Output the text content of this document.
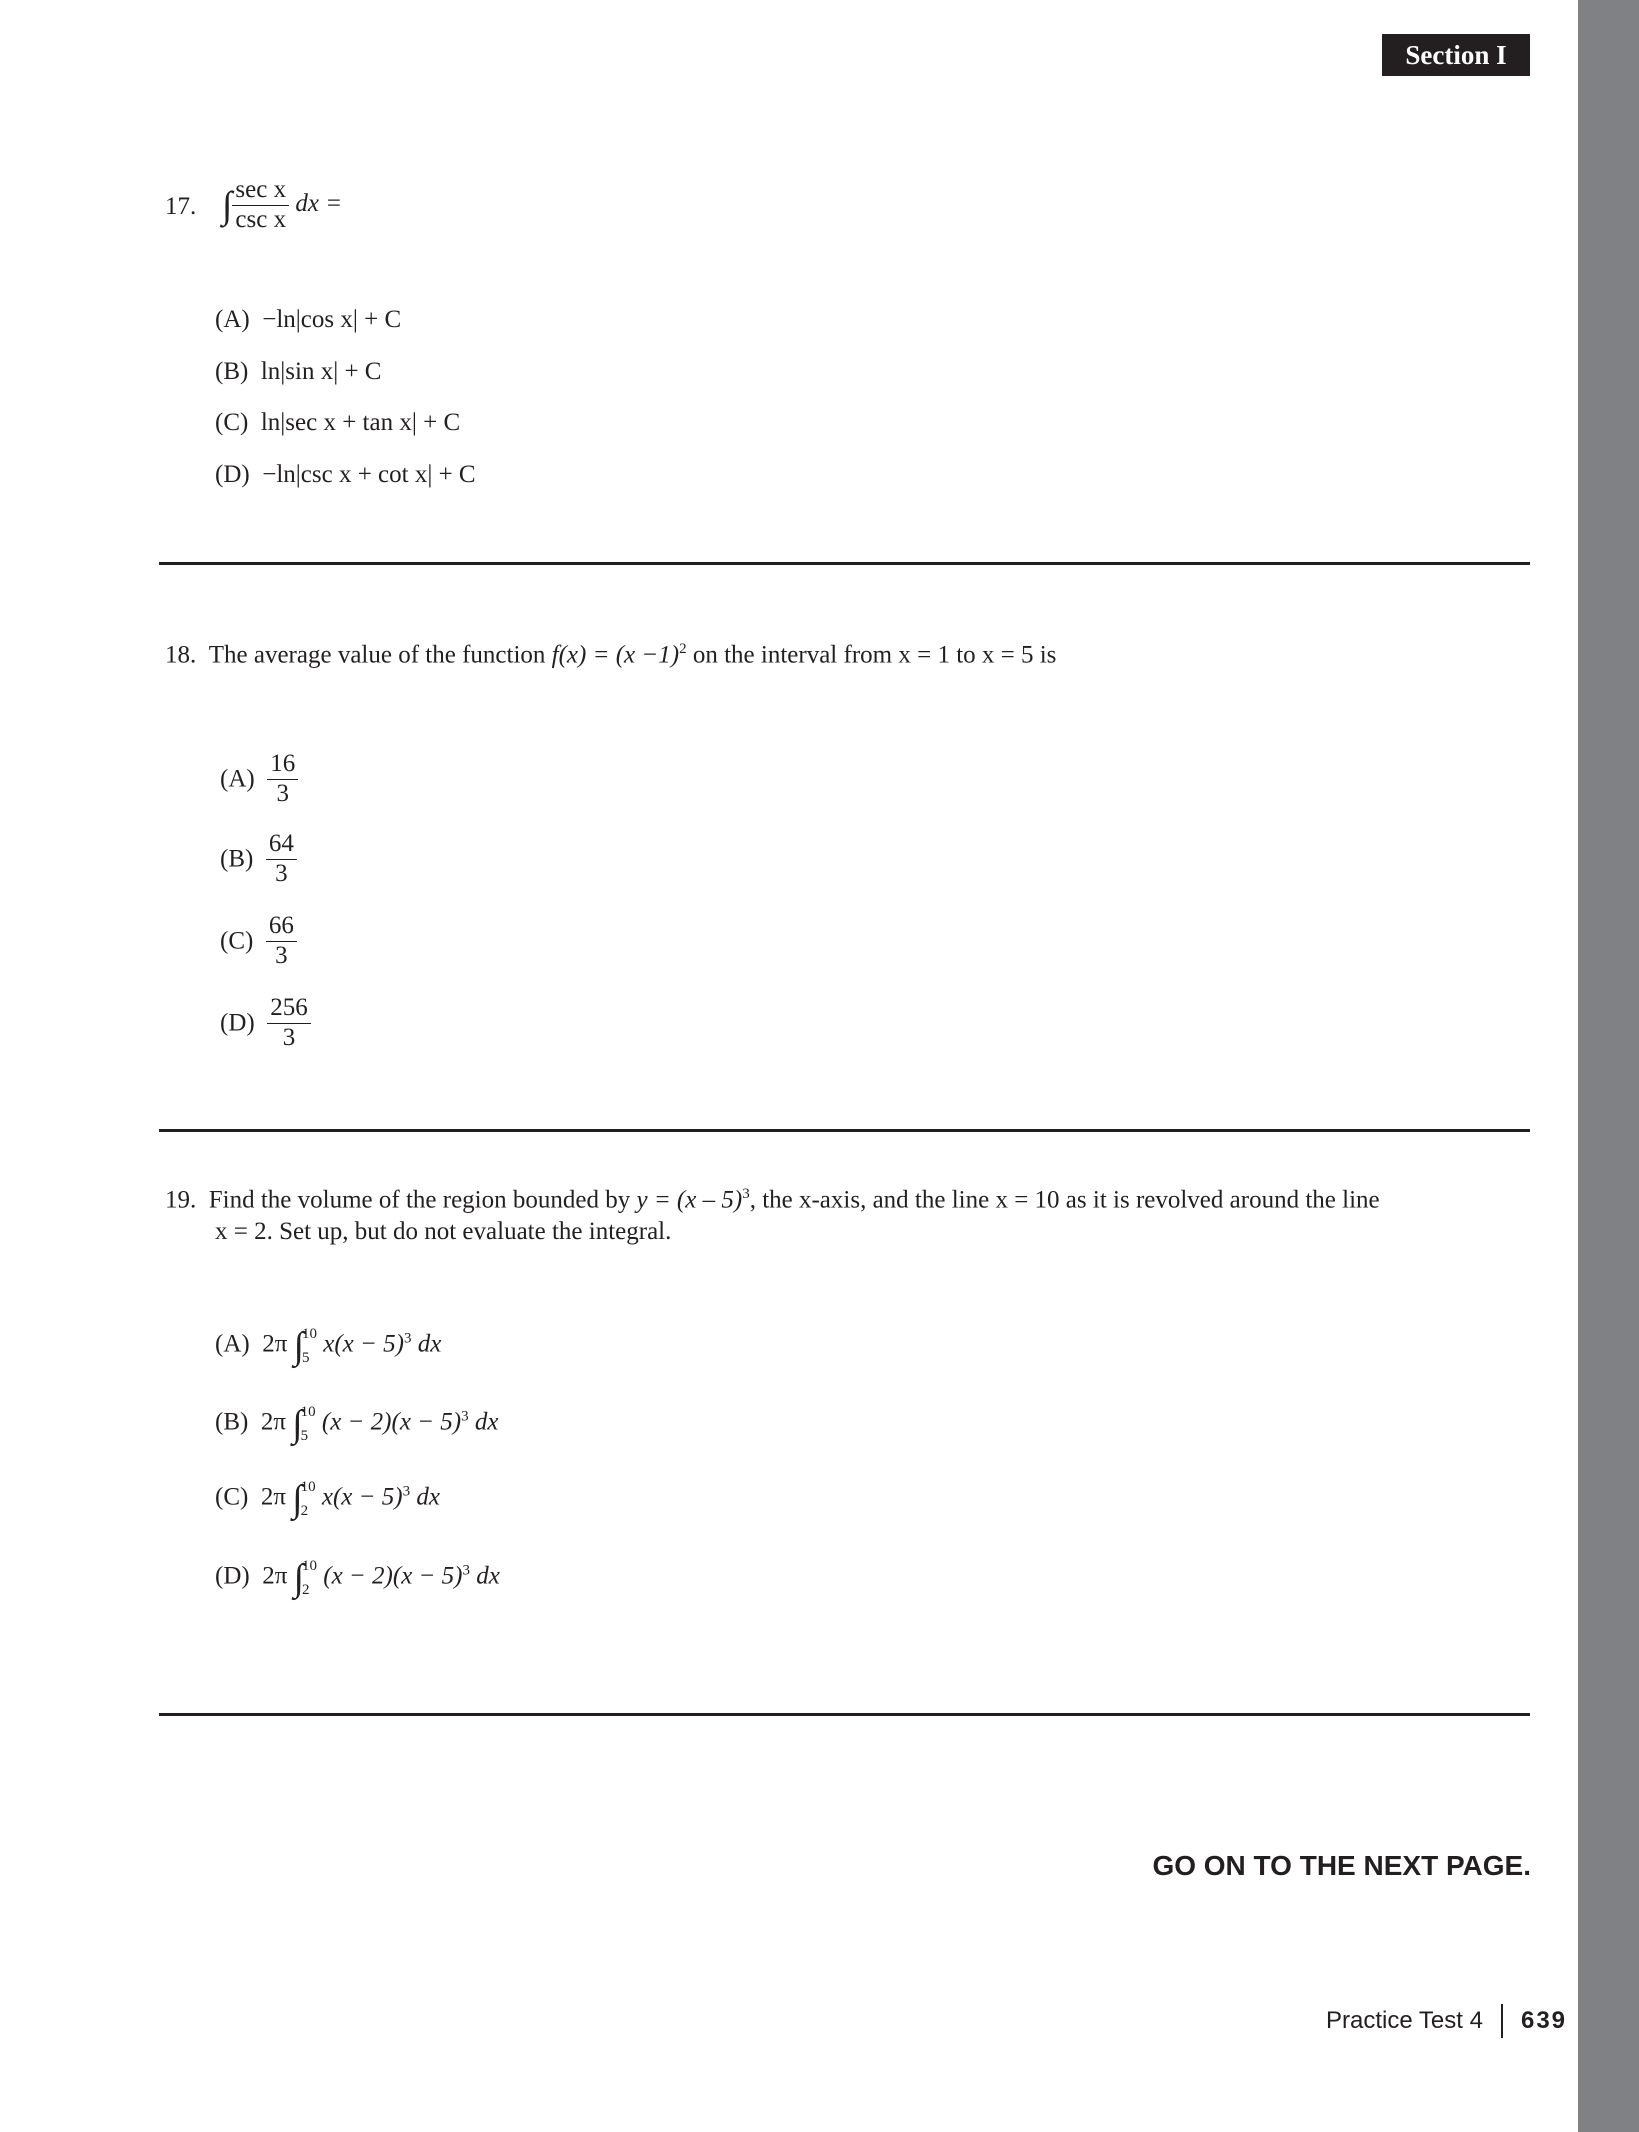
Section I
17. ∫ $\frac{\text{sec x}}{\text{csc x}}$ dx =
(A) −ln|cos x| + C
(B) ln|sin x| + C
(C) ln|sec x + tan x| + C
(D) −ln|csc x + cot x| + C
18. The average value of the function $f(x) = (x -1)^2$ on the interval from x = 1 to x = 5 is
$(A) \frac{16}{3}$
$(B) \frac{64}{3}$
$(C) \frac{66}{3}$
$(D) \frac{256}{3}$
19. Find the volume of the region bounded by y = (x – 5)$^3$, the x-axis, and the line x = 10 as it is revolved around the line
x = 2. Set up, but do not evaluate the integral.
(A) 2π ∫
10
5
$x(x - 5)^3$ dx
(B) 2π ∫
10
5
$(x - 2)(x - 5)^3$ dx
(C) 2π ∫
10
2
$x(x - 5)^3$ dx
(D) 2π ∫
10
2
$(x - 2)(x - 5)^3$ dx
GO ON TO THE NEXT PAGE.
Practice Test 4 639
